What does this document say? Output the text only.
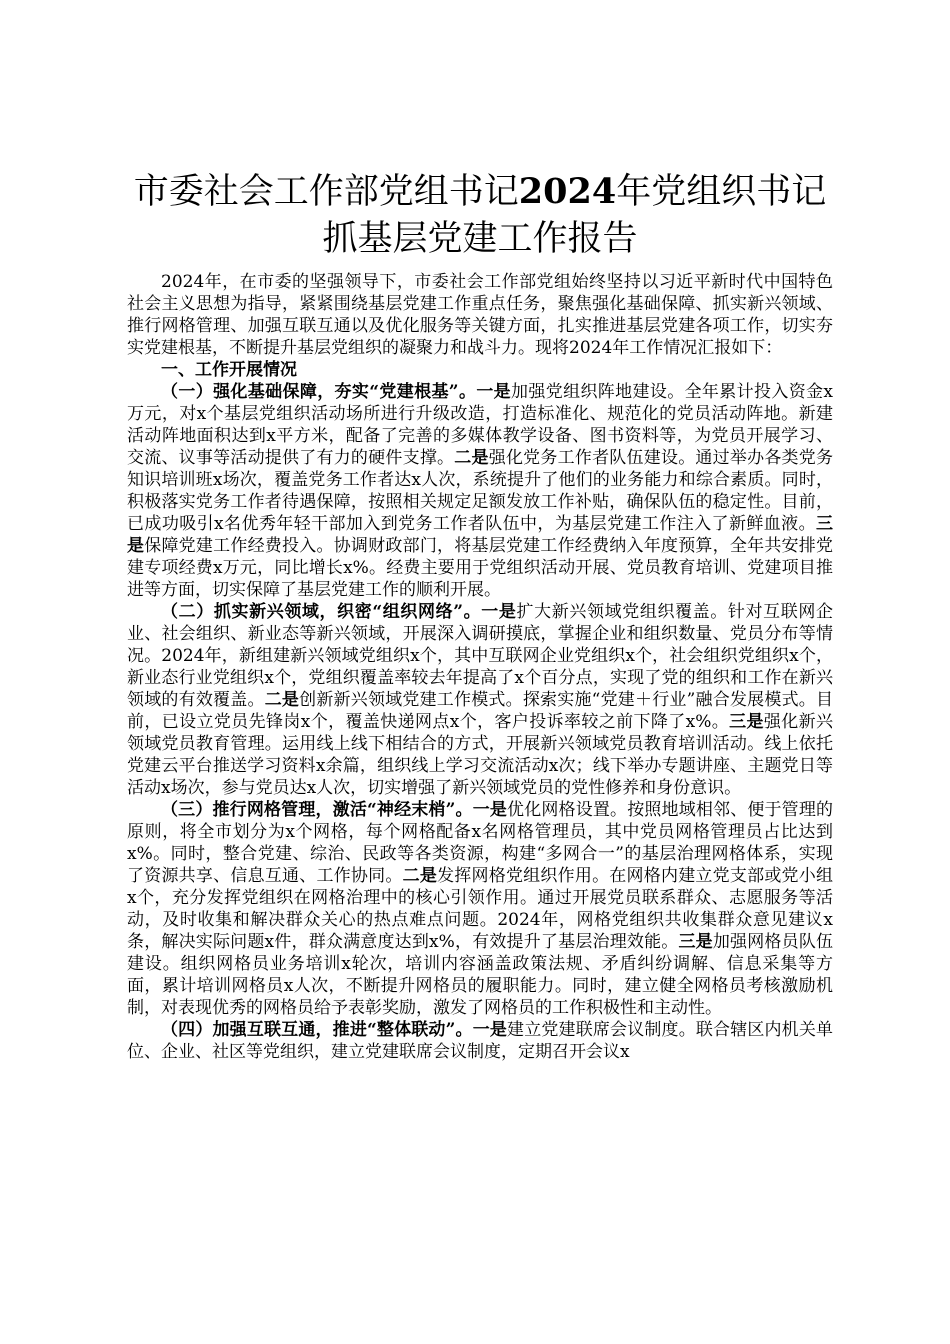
市委社会工作部党组书记2024年党组织书记
抓基层党建工作报告

2024年，在市委的坚强领导下，市委社会工作部党组始终坚持以习近平新时代中国特色社会主义思想为指导，紧紧围绕基层党建工作重点任务，聚焦强化基础保障、抓实新兴领域、推行网格管理、加强互联互通以及优化服务等关键方面，扎实推进基层党建各项工作，切实夯实党建根基，不断提升基层党组织的凝聚力和战斗力。现将2024年工作情况汇报如下：

一、工作开展情况

（一）强化基础保障，夯实“党建根基”。一是加强党组织阵地建设。全年累计投入资金x万元，对x个基层党组织活动场所进行升级改造，打造标准化、规范化的党员活动阵地。新建活动阵地面积达到x平方米，配备了完善的多媒体教学设备、图书资料等，为党员开展学习、交流、议事等活动提供了有力的硬件支撑。二是强化党务工作者队伍建设。通过举办各类党务知识培训班x场次，覆盖党务工作者达x人次，系统提升了他们的业务能力和综合素质。同时，积极落实党务工作者待遇保障，按照相关规定足额发放工作补贴，确保队伍的稳定性。目前，已成功吸引x名优秀年轻干部加入到党务工作者队伍中，为基层党建工作注入了新鲜血液。三是保障党建工作经费投入。协调财政部门，将基层党建工作经费纳入年度预算，全年共安排党建专项经费x万元，同比增长x%。经费主要用于党组织活动开展、党员教育培训、党建项目推进等方面，切实保障了基层党建工作的顺利开展。

（二）抓实新兴领域，织密“组织网络”。一是扩大新兴领域党组织覆盖。针对互联网企业、社会组织、新业态等新兴领域，开展深入调研摸底，掌握企业和组织数量、党员分布等情况。2024年，新组建新兴领域党组织x个，其中互联网企业党组织x个，社会组织党组织x个，新业态行业党组织x个，党组织覆盖率较去年提高了x个百分点，实现了党的组织和工作在新兴领域的有效覆盖。二是创新新兴领域党建工作模式。探索实施“党建＋行业”融合发展模式。目前，已设立党员先锋岗x个，覆盖快递网点x个，客户投诉率较之前下降了x%。三是强化新兴领域党员教育管理。运用线上线下相结合的方式，开展新兴领域党员教育培训活动。线上依托党建云平台推送学习资料x余篇，组织线上学习交流活动x次；线下举办专题讲座、主题党日等活动x场次，参与党员达x人次，切实增强了新兴领域党员的党性修养和身份意识。

（三）推行网格管理，激活“神经末梢”。一是优化网格设置。按照地域相邻、便于管理的原则，将全市划分为x个网格，每个网格配备x名网格管理员，其中党员网格管理员占比达到x%。同时，整合党建、综治、民政等各类资源，构建“多网合一”的基层治理网格体系，实现了资源共享、信息互通、工作协同。二是发挥网格党组织作用。在网格内建立党支部或党小组x个，充分发挥党组织在网格治理中的核心引领作用。通过开展党员联系群众、志愿服务等活动，及时收集和解决群众关心的热点难点问题。2024年，网格党组织共收集群众意见建议x条，解决实际问题x件，群众满意度达到x%，有效提升了基层治理效能。三是加强网格员队伍建设。组织网格员业务培训x轮次，培训内容涵盖政策法规、矛盾纠纷调解、信息采集等方面，累计培训网格员x人次，不断提升网格员的履职能力。同时，建立健全网格员考核激励机制，对表现优秀的网格员给予表彰奖励，激发了网格员的工作积极性和主动性。

（四）加强互联互通，推进“整体联动”。一是建立党建联席会议制度。联合辖区内机关单位、企业、社区等党组织，建立党建联席会议制度，定期召开会议x
